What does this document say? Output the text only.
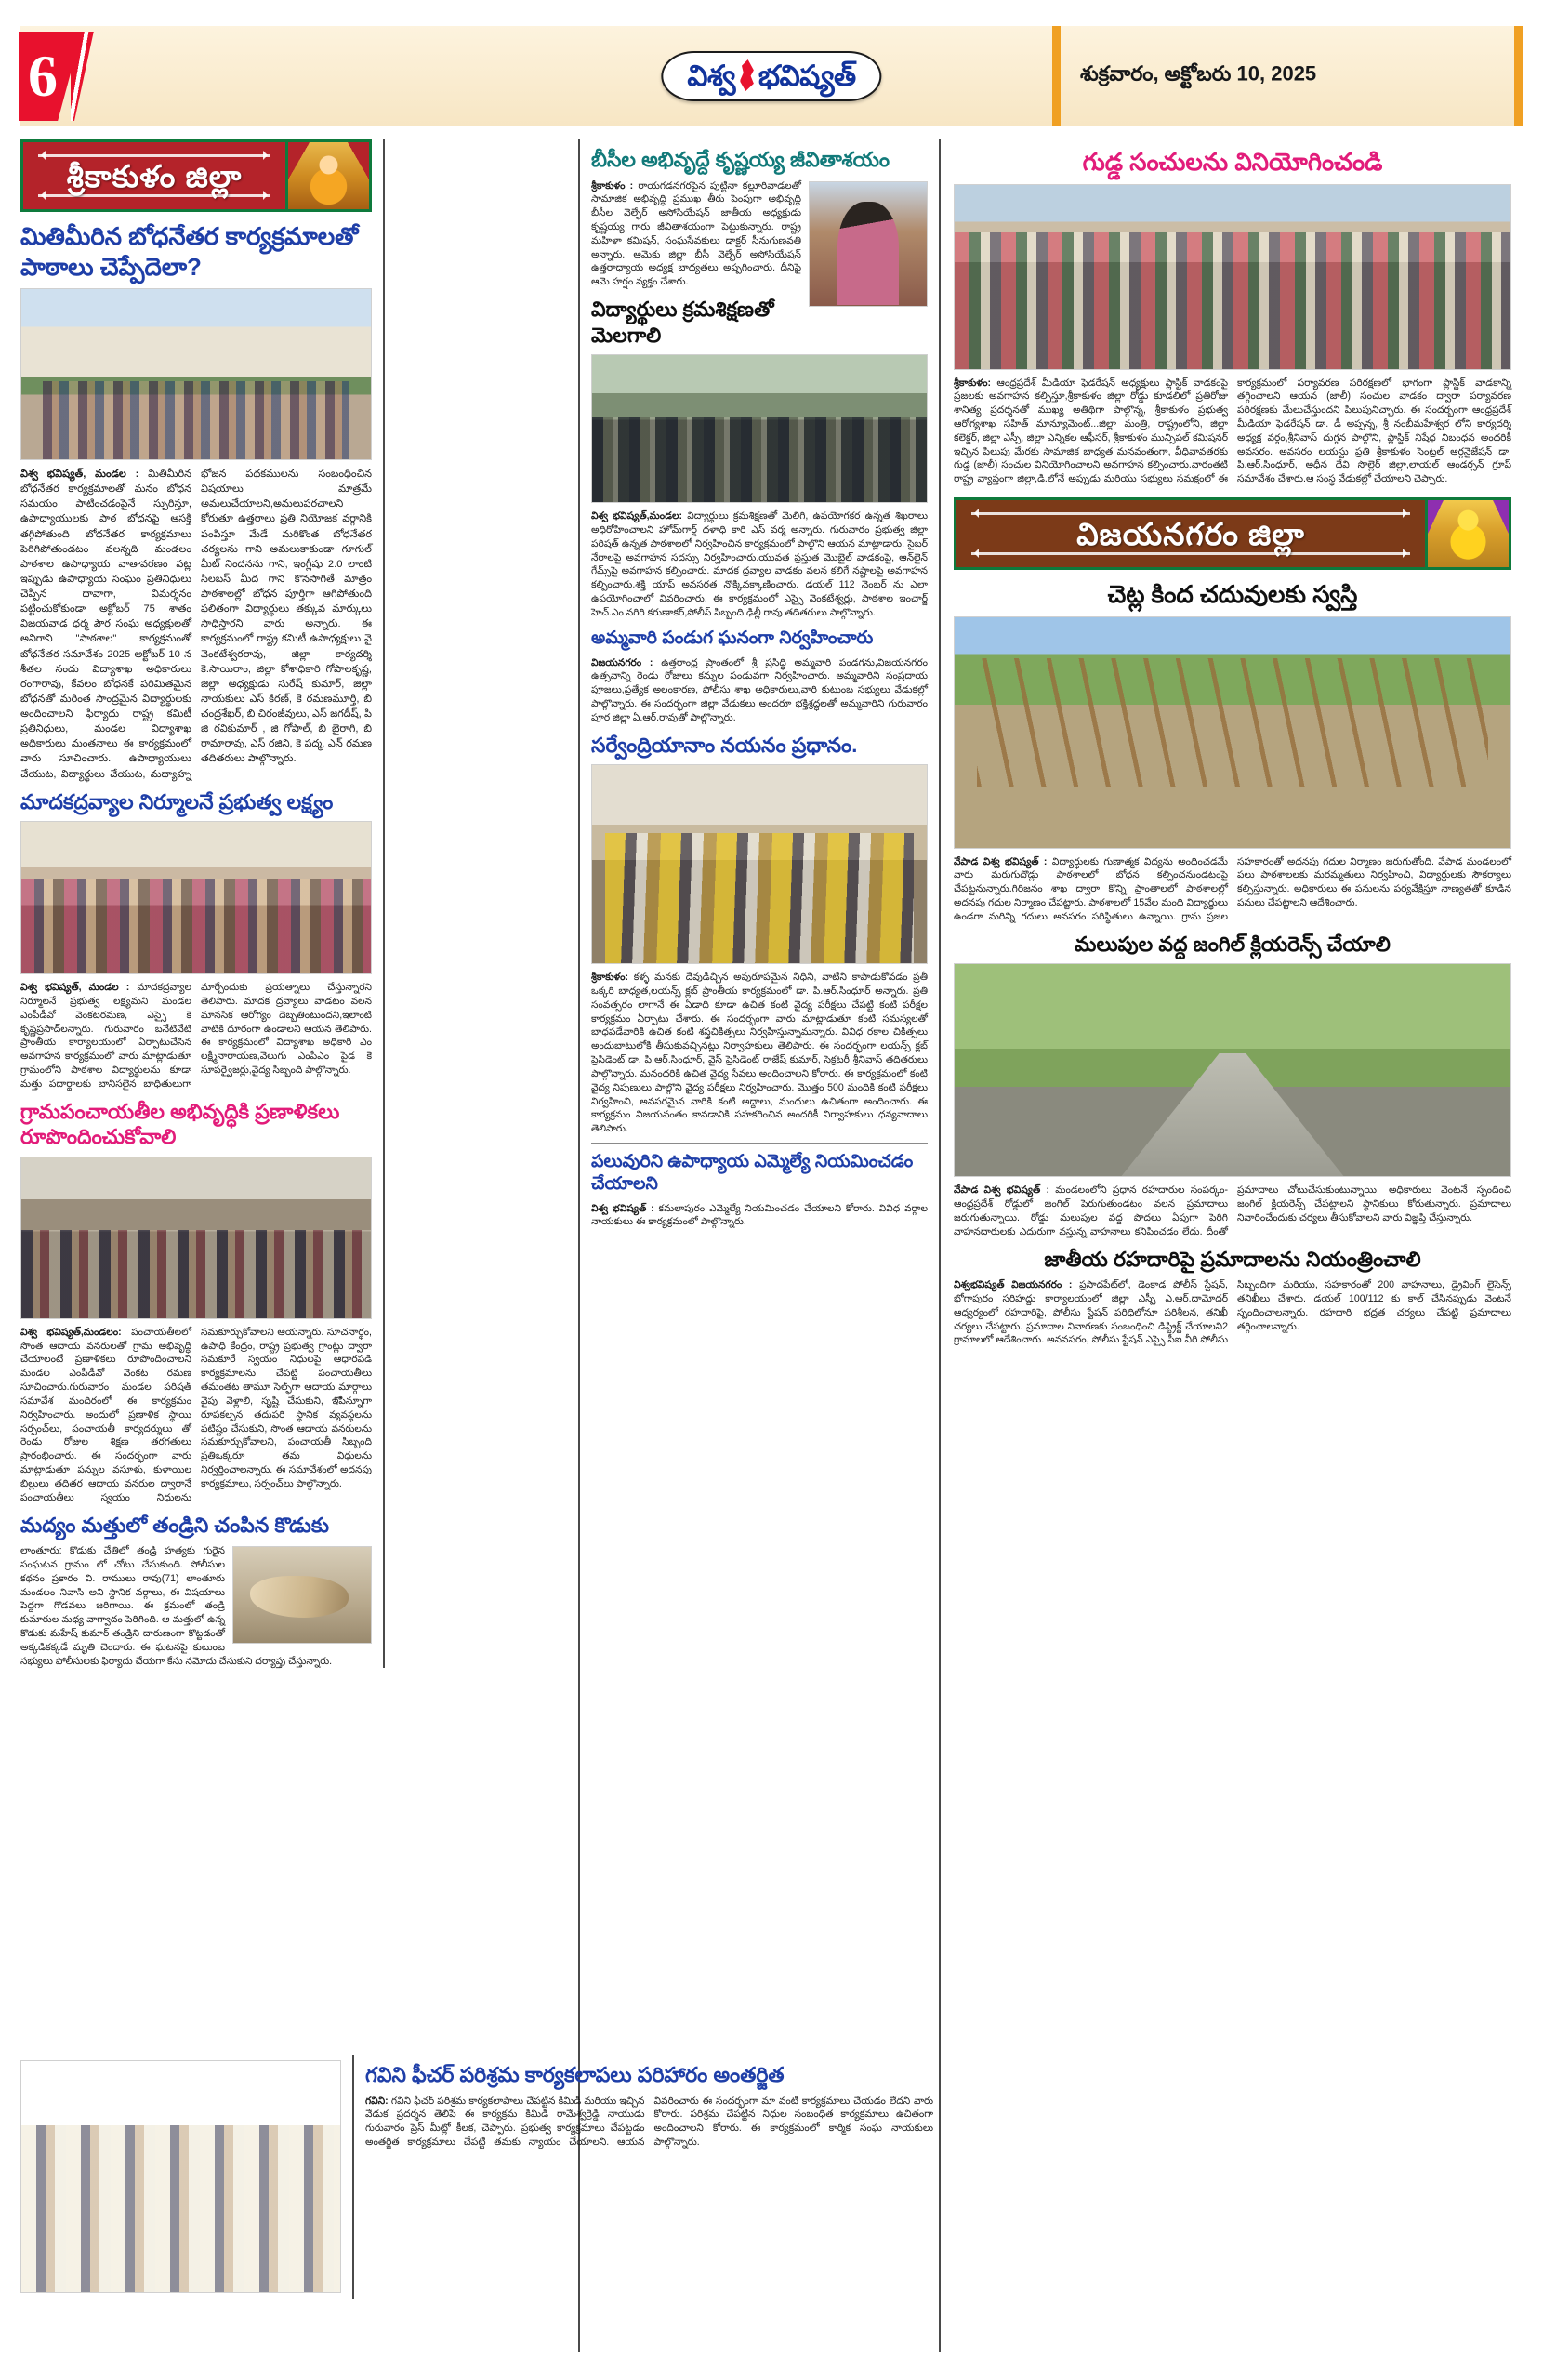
6	విశ్వ భవిష్యత్	శుక్రవారం, అక్టోబరు 10, 2025
శ్రీకాకుళం జిల్లా
మితిమీరిన బోధనేతర కార్యక్రమాలతో పాఠాలు చెప్పేదెలా?
విశ్వ భవిష్యత్, మండల : మితిమీరిన బోధనేతర కార్యక్రమాలతో మనం బోధన సమయం పాటించడంపైనే స్పురిస్తూ, ఉపాధ్యాయులకు పాఠ బోధనపై ఆసక్తి తగ్గిపోతుంది బోధనేతర కార్యక్రమాలు పెరిగిపోతుండటం వలన్నది మండలం పాఠశాల ఉపాధ్యాయ వాతావరణం పట్ల ఇప్పుడు ఉపాధ్యాయ సంఘం ప్రతినిధులు చెప్పిన దావాగా, విమర్శనం పట్టించుకోకుండా అక్టోబర్ 75 శాతం విజయవాడ ధర్మ పౌర సంఘ అధ్యక్షులతో అనిగాని "పాఠశాల" కార్యక్రమంతో బోధనేతర సమావేశం 2025 అక్టోబర్ 10 న శీతల నందు విద్యాశాఖ అధికారులు రంగారావు, కేవలం బోధనకే పరిమితమైన బోధనతో మరింత సాంద్రమైన విద్యార్థులకు అందించాలని ఫిర్యాదు రాష్ట్ర కమిటీ ప్రతినిధులు, మండల విద్యాశాఖ అధికారులు మంతనాలు ఈ కార్యక్రమంలో వారు సూచించారు. ఉపాధ్యాయులు చేయుట, విద్యార్థులు చేయుట, మధ్యాహ్న భోజన పథకములను సంబంధించిన విషయాలు మాత్రమే అమలుచేయాలని,అమలుపరచాలని కోరుతూ ఉత్తరాలు ప్రతి నియోజక వర్గానికి పంపిస్తూ మేడే మరికొంత బోధనేతర చర్యలను గాని అమలుకాకుండా గూగుల్ మీట్ నిందనను గాని, ఇంగ్లీషు 2.0 లాంటి సిలబస్ మీద గాని కొనసాగితే మాత్రం పాఠశాలల్లో బోధన పూర్తిగా ఆగిపోతుంది ఫలితంగా విద్యార్థులు తక్కువ మార్కులు సాధిస్తారని వారు అన్నారు. ఈ కార్యక్రమంలో రాష్ట్ర కమిటీ ఉపాధ్యక్షులు వై వెంకటేశ్వరరావు, జిల్లా కార్యదర్శి కె.సాయిరాం, జిల్లా కోశాధికారి గోపాలకృష్ణ, జిల్లా అధ్యక్షుడు సురేష్ కుమార్, జిల్లా నాయకులు ఎస్ కిరణ్, కె రమణమూర్తి, బి చంద్రశేఖర్, బి చిరంజీవులు, ఎస్ జగదీష్, పి జి రవికుమార్ , జి గోపాల్, బి బైరాగి, బి రామారావు, ఎస్ రజిని, కె పద్మ, ఎన్ రమణ తదితరులు పాల్గొన్నారు.
మాదకద్రవ్యాల నిర్మూలనే ప్రభుత్వ లక్ష్యం
విశ్వ భవిష్యత్, మండల : మాదకద్రవ్యాల నిర్మూలనే ప్రభుత్వ లక్ష్యమని మండల ఎంపీడీవో వెంకటరమణ, ఎస్సై కె కృష్ణప్రసాద్‌లన్నారు. గురువారం బనేటివేటి ప్రాంతీయ కార్యాలయంలో ఏర్పాటుచేసిన అవగాహన కార్యక్రమంలో వారు మాట్లాడుతూ గ్రామంలోని పాఠశాల విద్యార్థులను కూడా మత్తు పదార్థాలకు బానిసలైన బాధితులుగా మార్చేందుకు ప్రయత్నాలు చేస్తున్నారని తెలిపారు. మాదక ద్రవ్యాలు వాడటం వలన మానసిక ఆరోగ్యం దెబ్బతింటుందని,ఇలాంటి వాటికి దూరంగా ఉండాలని ఆయన తెలిపారు. ఈ కార్యక్రమంలో విద్యాశాఖ అధికారి ఎం లక్ష్మీనారాయణ,వెలుగు ఎంపీఎం పైడ కె సూపర్వైజర్లు,వైద్య సిబ్బంది పాల్గొన్నారు.
గ్రామపంచాయతీల అభివృద్ధికి ప్రణాళికలు రూపొందించుకోవాలి
విశ్వ భవిష్యత్,మండలం: పంచాయతీలలో సొంత ఆదాయ వనరులతో గ్రామ అభివృద్ధి చేయాలంటే ప్రణాళికలు రూపొందించాలని మండల ఎంపీడీవో వెంకట రమణ సూచించారు.గురువారం మండల పరిషత్ సమావేశ మందిరంలో ఈ కార్యక్రమం నిర్వహించారు. అందులో ప్రణాళిక స్థాయి సర్పంచ్‌లు, పంచాయతీ కార్యదర్శులు తో రెండు రోజుల శిక్షణ తరగతులు ప్రారంభించారు. ఈ సందర్భంగా వారు మాట్లాడుతూ పన్నుల వసూళు, కుళాయిల బిల్లులు తదితర ఆదాయ వనరుల ద్వారానే పంచాయతీలు స్వయం నిధులను సమకూర్చుకోవాలని ఆయన్నారు. సూచనార్థం, ఉపాధి కేంద్రం, రాష్ట్ర ప్రభుత్వ గ్రాంట్లు ద్వారా సమకూరే స్వయం నిధులపై ఆధారపడి కార్యక్రమాలను చేపట్టి పంచాయతీలు తమంతట తామూ సెల్ఫ్‌గా ఆదాయ మార్గాలు వైపు వెళ్లాలి, సృష్టి చేసుకుని, ఇొపిన్నూగా రూపకల్పన తదుపరి స్థానిక వ్యవస్థలను పటిష్టం చేసుకుని, సొంత ఆదాయ వనరులను సమకూర్చుకోవాలని, పంచాయతీ సిబ్బంది ప్రతిఒక్కరూ తమ విధులను నిర్వర్తించాలన్నారు. ఈ సమావేశంలో అదనపు కార్యక్రమాలు, సర్పంచ్‌లు పాల్గొన్నారు.
మద్యం మత్తులో తండ్రిని చంపిన కొడుకు
లాంతూరు: కొడుకు చేతిలో తండ్రి హత్యకు గురైన సంఘటన గ్రామం లో చోటు చేసుకుంది. పోలీసుల కథనం ప్రకారం వి. రాములు రావు(71) లాంతూరు మండలం నివాసి అని స్థానిక వర్గాలు, ఈ విషయాలు పెద్దగా గొడవలు జరిగాయి. ఈ క్రమంలో తండ్రి కుమారుల మధ్య వాగ్వాదం పెరిగింది. ఆ మత్తులో ఉన్న కొడుకు మహేష్ కుమార్ తండ్రిని దారుణంగా కొట్టడంతో అక్కడికక్కడే మృతి చెందారు. ఈ ఘటనపై కుటుంబ సభ్యులు పోలీసులకు ఫిర్యాదు చేయగా కేసు నమోదు చేసుకుని దర్యాప్తు చేస్తున్నారు.
బీసీల అభివృద్దే కృష్ణయ్య జీవితాశయం
శ్రీకాకుళం : రాయగడనగరపైన పుట్టినా కల్లూరివాడలతో సామాజిక అభివృద్ధి ప్రముఖ తీరు పెంపుగా అభివృద్ధి బీసీల వెల్ఫేర్ అసోసియేషన్ జాతీయ అధ్యక్షుడు కృష్ణయ్య గారు జీవితాశయంగా పెట్టుకున్నారు. రాష్ట్ర మహిళా కమిషన్, సంఘసేవకులు డాక్టర్ సీనుగుణవతి అన్నారు. ఆమెకు జిల్లా బీసీ వెల్ఫేర్ అసోసియేషన్ ఉత్తరాధ్యాయ అధ్యక్ష బాధ్యతలు అప్పగించారు. దీనిపై ఆమె హర్షం వ్యక్తం చేశారు.
విద్యార్థులు క్రమశిక్షణతో మెలగాలి
విశ్వ భవిష్యత్,మండల: విద్యార్థులు క్రమశిక్షణతో మెలిగి, ఉపయోగకర ఉన్నత శిఖరాలు అధిరోహించాలని హోమ్‌గార్డ్ దళాధి కారి ఎస్ వర్మ అన్నారు. గురువారం ప్రభుత్వ జిల్లా పరిషత్ ఉన్నత పాఠశాలలో నిర్వహించిన కార్యక్రమంలో పాల్గొని ఆయన మాట్లాడారు. సైబర్ నేరాలపై అవగాహన సదస్సు నిర్వహించారు.యువత ప్రస్తుత మొబైల్ వాడకంపై, ఆన్‌లైన్ గేమ్స్‌పై అవగాహన కల్పించారు. మాదక ద్రవ్యాల వాడకం వలన కలిగే నష్టాలపై అవగాహన కల్పించారు.శక్తి యాప్ అవసరత నొక్కివక్కాణించారు. డయల్ 112 నెంబర్ ను ఎలా ఉపయోగించాలో వివరించారు. ఈ కార్యక్రమంలో ఎస్సై వెంకటేశ్వర్లు, పాఠశాల ఇంచార్జ్ హెచ్.ఎం నగిరి కరుణాకర్,పోలీస్ సిబ్బంది ఢిల్లీ రావు తదితరులు పాల్గొన్నారు.
అమ్మవారి పండుగ ఘనంగా నిర్వహించారు
విజయనగరం : ఉత్తరాంధ్ర ప్రాంతంలో శ్రీ ప్రసిద్ధి అమ్మవారి పండగను,విజయనగరం ఉత్సవాన్ని రెండు రోజులు కన్నుల పండువగా నిర్వహించారు. అమ్మవారిని సంప్రదాయ పూజలు,ప్రత్యేక అలంకారణ, పోలీసు శాఖ అధికారులు,వారి కుటుంబ సభ్యులు వేడుకల్లో పాల్గొన్నారు. ఈ సందర్భంగా జిల్లా వేడుకలు అందరూ భక్తిశ్రద్ధలతో అమ్మవారిని గురువారం పూర జిల్లా ఏ.ఆర్.రావుతో పాల్గొన్నారు.
సర్వేంద్రియానాం నయనం ప్రధానం.
శ్రీకాకుళం: కళ్ళ మనకు దేవుడిచ్చిన అపురూపమైన నిధిని, వాటిని కాపాడుకోవడం ప్రతీ ఒక్కరి బాధ్యత,లయన్స్ క్లబ్ ప్రాంతీయ కార్యక్రమంలో డా. పి.ఆర్.సింధూర్ అన్నారు. ప్రతి సంవత్సరం లాగానే ఈ ఏడాది కూడా ఉచిత కంటి వైద్య పరీక్షలు చేపట్టి కంటి పరీక్షల కార్యక్రమం ఏర్పాటు చేశారు. ఈ సందర్భంగా వారు మాట్లాడుతూ కంటి సమస్యలతో బాధపడేవారికి ఉచిత కంటి శస్త్రచికిత్సలు నిర్వహిస్తున్నామన్నారు. వివిధ రకాల చికిత్సలు అందుబాటులోకి తీసుకువచ్చినట్లు నిర్వాహకులు తెలిపారు. ఈ సందర్భంగా లయన్స్ క్లబ్ ప్రెసిడెంట్ డా. పి.ఆర్.సింధూర్, వైస్ ప్రెసిడెంట్ రాజేష్ కుమార్, సెక్రటరీ శ్రీనివాస్ తదితరులు పాల్గొన్నారు. మనందరికి ఉచిత వైద్య సేవలు అందించాలని కోరారు. ఈ కార్యక్రమంలో కంటి వైద్య నిపుణులు పాల్గొని వైద్య పరీక్షలు నిర్వహించారు. మొత్తం 500 మందికి కంటి పరీక్షలు నిర్వహించి, అవసరమైన వారికి కంటి అద్దాలు, మందులు ఉచితంగా అందించారు. ఈ కార్యక్రమం విజయవంతం కావడానికి సహకరించిన అందరికీ నిర్వాహకులు ధన్యవాదాలు తెలిపారు.
పలువురిని ఉపాధ్యాయ ఎమ్మెల్యే నియమించడం చేయాలని
విశ్వ భవిష్యత్ : కమలాపురం ఎమ్మెల్యే నియమించడం చేయాలని కోరారు. వివిధ వర్గాల నాయకులు ఈ కార్యక్రమంలో పాల్గొన్నారు.
గుడ్డ సంచులను వినియోగించండి
శ్రీకాకుళం: ఆంధ్రప్రదేశ్ మీడియా ఫెడరేషన్ అధ్యక్షులు ప్లాస్టిక్ వాడకంపై ప్రజలకు అవగాహన కల్పిస్తూ,శ్రీకాకుళం జిల్లా రోడ్డు కూడలిలో ప్రతిరోజు శానిత్య ప్రదర్శనతో ముఖ్య అతిథిగా పాల్గొన్న, శ్రీకాకుళం ప్రభుత్వ ఆరోగ్యశాఖ సహిత్ మాన్యూమెంట్...జిల్లా మంత్రి, రాష్ట్రంలోని, జిల్లా కలెక్టర్, జిల్లా ఎస్పీ, జిల్లా ఎన్నికల ఆఫీసర్, శ్రీకాకుళం మున్సిపల్ కమిషనర్ ఇచ్చిన పిలుపు మేరకు సామాజిక బాధ్యత మనవంతంగా, వీధివావతరకు గుడ్డ (జాలీ) సంచుల వినియోగించాలని అవగాహన కల్పించారు.వారంతటి రాష్ట్ర వ్యాప్తంగా జిల్లా,డి.లోనే అప్పుడు మరియు సభ్యులు సమక్షంలో ఈ కార్యక్రమంలో పర్యావరణ పరిరక్షణలో భాగంగా ప్లాస్టిక్ వాడకాన్ని తగ్గించాలని ఆయన (జాలీ) సంచుల వాడకం ద్వారా పర్యావరణ పరిరక్షణకు మేలుచేస్తుందని పిలుపునిచ్చారు. ఈ సందర్భంగా ఆంధ్రప్రదేశ్ మీడియా ఫెడరేషన్ డా. డీ అప్పన్న, శ్రీ నంబీమహేశ్వర లోని కార్యదర్శి అధ్యక్ష వర్గం,శ్రీనివాస్ దుగ్గన పాల్గొని, ప్లాస్టిక్ నిషేధ నిబంధన అందరికీ అవసరం. అవసరం లయస్టు ప్రతి శ్రీకాకుళం సెంట్రల్ ఆర్గనైజేషన్ డా. పి.ఆర్.సింధూర్, అధీన దేవి సొల్లెర్ జిల్లా,లాయల్ ఆండర్సన్ గ్రూప్ సమావేశం చేశారు.ఆ సంస్థ వేడుకల్లో చేయాలని చెప్పారు.
విజయనగరం జిల్లా
చెట్ల కింద చదువులకు స్వస్తి
వేపాడ విశ్వ భవిష్యత్ : విద్యార్థులకు గుణాత్మక విద్యను అందించడమే వారు మరుగుదొడ్లు పాఠశాలలో బోధన కల్పించనుండటంపై చేపట్టనున్నారు.గిరిజనం శాఖ ద్వారా కొన్ని ప్రాంతాలలో పాఠశాలల్లో అదనపు గదుల నిర్మాణం చేపట్టారు. పాఠశాలలో 15వేల మంది విద్యార్థులు ఉండగా మరిన్ని గదులు అవసరం పరిస్థితులు ఉన్నాయి. గ్రామ ప్రజల సహకారంతో అదనపు గదుల నిర్మాణం జరుగుతోంది. వేపాడ మండలంలో పలు పాఠశాలలకు మరమ్మతులు నిర్వహించి, విద్యార్థులకు సౌకర్యాలు కల్పిస్తున్నారు. అధికారులు ఈ పనులను పర్యవేక్షిస్తూ నాణ్యతతో కూడిన పనులు చేపట్టాలని ఆదేశించారు.
మలుపుల వద్ద జంగిల్ క్లియరెన్స్ చేయాలి
వేపాడ విశ్వ భవిష్యత్ : మండలంలోని ప్రధాన రహదారుల సంపర్కం- ఆంధ్రప్రదేశ్ రోడ్డులో జంగిల్ పెరుగుతుండటం వలన ప్రమాదాలు జరుగుతున్నాయి. రోడ్డు మలుపుల వద్ద పొదలు ఏపుగా పెరిగి వాహనదారులకు ఎదురుగా వస్తున్న వాహనాలు కనిపించడం లేదు. దీంతో ప్రమాదాలు చోటుచేసుకుంటున్నాయి. అధికారులు వెంటనే స్పందించి జంగిల్ క్లియరెన్స్ చేపట్టాలని స్థానికులు కోరుతున్నారు. ప్రమాదాలు నివారించేందుకు చర్యలు తీసుకోవాలని వారు విజ్ఞప్తి చేస్తున్నారు.
జాతీయ రహదారిపై ప్రమాదాలను నియంత్రించాలి
విశ్వభవిష్యత్ విజయనగరం : ప్రసాదపేట్‌లో, డెంకాడ పోలీస్ స్టేషన్, భోగాపురం సరిహద్దు కార్యాలయంలో జిల్లా ఎస్పీ ఎ.ఆర్.దామోదర్ ఆధ్వర్యంలో రహదారిపై, పోలీసు స్టేషన్ పరిధిలోనూ పరిశీలన, తనిఖీ చర్యలు చేపట్టారు. ప్రమాదాల నివారణకు సంబంధించి డిస్ట్రిక్ట్ చేయాలని2 గ్రామాలలో ఆదేశించారు. అనవసరం, పోలీసు స్టేషన్ ఎస్సై సీఐ వీరి పోలీసు సిబ్బందిగా మరియు, సహకారంతో 200 వాహనాలు, డ్రైవింగ్ లైసెన్స్ తనిఖీలు చేశారు. డయల్ 100/112 కు కాల్ చేసినప్పుడు వెంటనే స్పందించాలన్నారు. రహదారి భద్రత చర్యలు చేపట్టి ప్రమాదాలు తగ్గించాలన్నారు.
గవిని ఫీచర్ పరిశ్రమ కార్యకలాపలు పరిహారం అంతర్జిత
గవిని: గవిని ఫీచర్ పరిశ్రమ కార్యకలాపాలు చేపట్టిన కిమిడి మరియు ఇచ్చిన వేడుక ప్రదర్శన తెలిపే ఈ కార్యక్రమ కిమిడి రామేశ్వర్రెడ్డి నాయుడు గురువారం ప్రెస్ మీట్లో కీలక, చెప్పారు. ప్రభుత్వ కార్యక్రమాలు చేపట్టడం అంతర్జిత కార్యక్రమాలు చేపట్టి తమకు న్యాయం చేయాలని. ఆయన వివరించారు ఈ సందర్భంగా మా వంటి కార్యక్రమాలు చేయడం లేదని వారు కోరారు. పరిశ్రమ చేపట్టిన నిధుల సంబంధిత కార్యక్రమాలు ఉచితంగా అందించాలని కోరారు. ఈ కార్యక్రమంలో కార్మిక సంఘ నాయకులు పాల్గొన్నారు.
